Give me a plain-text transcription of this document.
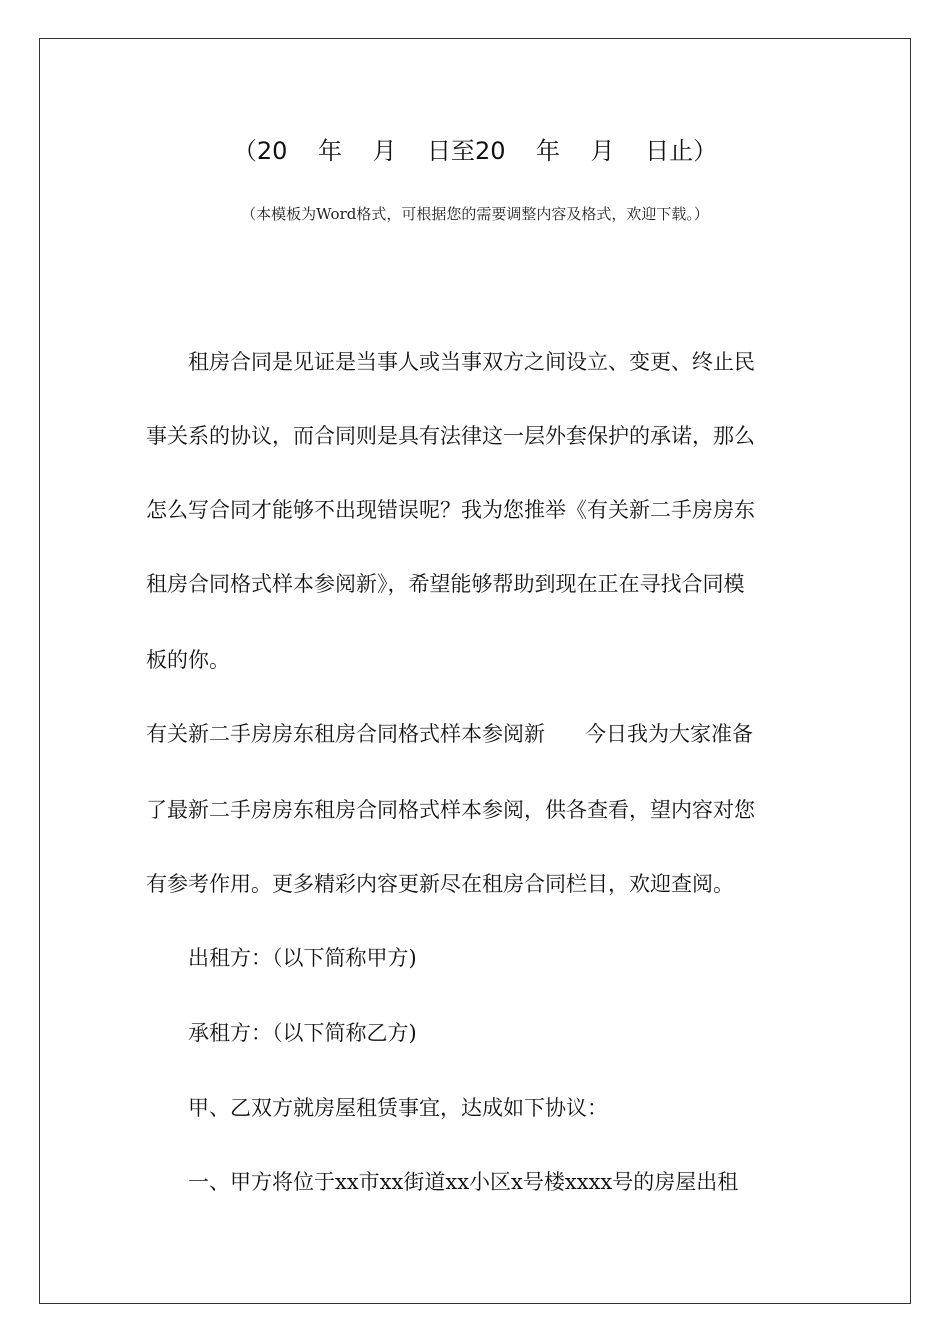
（20    年    月    日至20    年    月    日止）
（本模板为Word格式，可根据您的需要调整内容及格式，欢迎下载。）
租房合同是见证是当事人或当事双方之间设立、变更、终止民
事关系的协议，而合同则是具有法律这一层外套保护的承诺，那么
怎么写合同才能够不出现错误呢？我为您推举《有关新二手房房东
租房合同格式样本参阅新》，希望能够帮助到现在正在寻找合同模
板的你。
有关新二手房房东租房合同格式样本参阅新      今日我为大家准备
了最新二手房房东租房合同格式样本参阅，供各查看，望内容对您
有参考作用。更多精彩内容更新尽在租房合同栏目，欢迎查阅。
出租方：（以下简称甲方)
承租方：（以下简称乙方)
甲、乙双方就房屋租赁事宜，达成如下协议：
一、甲方将位于xx市xx街道xx小区x号楼xxxx号的房屋出租
